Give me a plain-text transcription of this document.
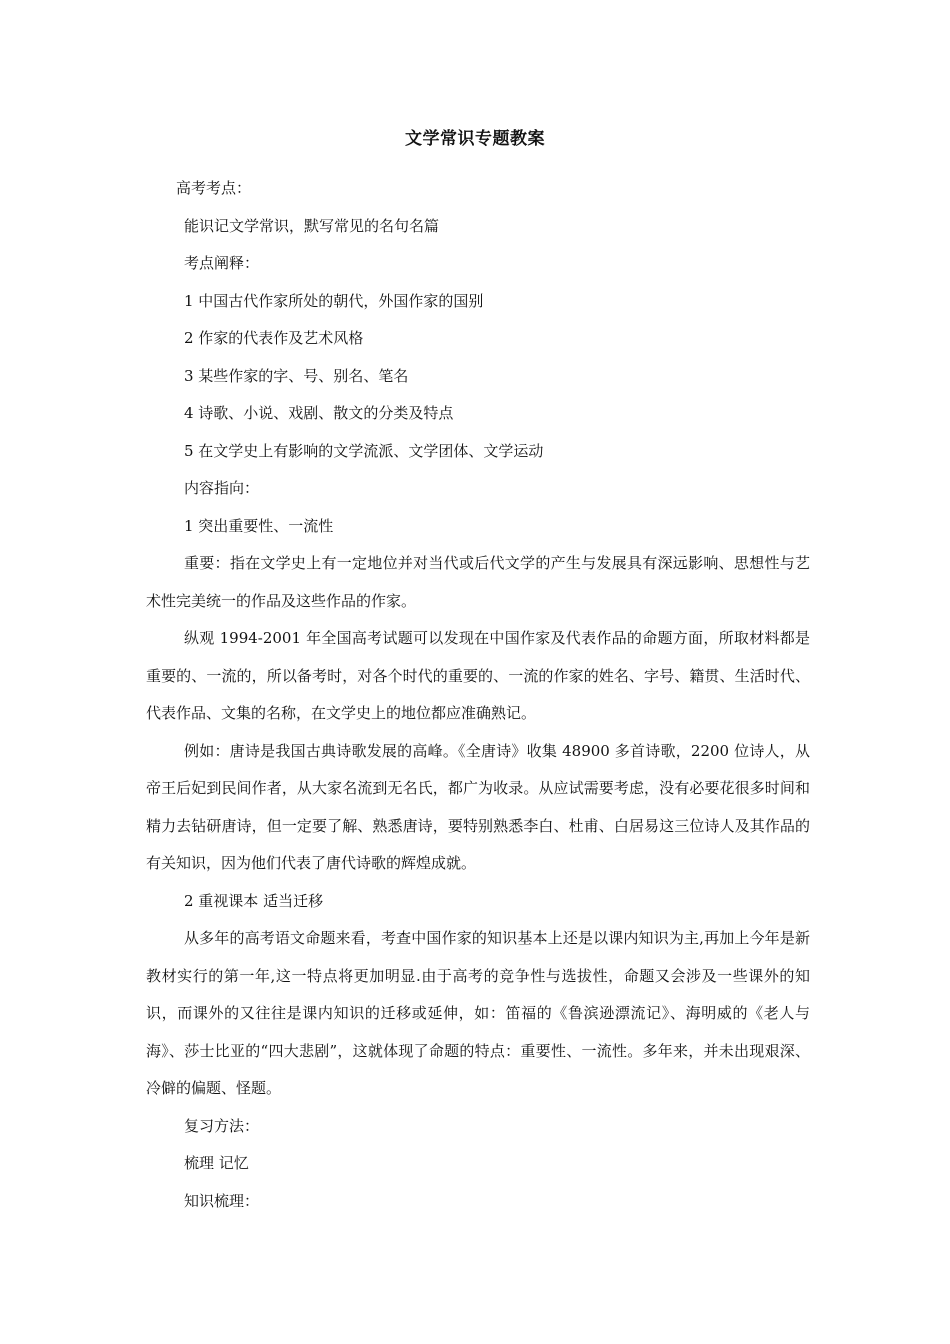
文学常识专题教案

高考考点：

能识记文学常识，默写常见的名句名篇

考点阐释：

1 中国古代作家所处的朝代，外国作家的国别

2 作家的代表作及艺术风格

3 某些作家的字、号、别名、笔名

4 诗歌、小说、戏剧、散文的分类及特点

5 在文学史上有影响的文学流派、文学团体、文学运动

内容指向：

1 突出重要性、一流性

重要：指在文学史上有一定地位并对当代或后代文学的产生与发展具有深远影响、思想性与艺术性完美统一的作品及这些作品的作家。

纵观 1994-2001 年全国高考试题可以发现在中国作家及代表作品的命题方面，所取材料都是重要的、一流的，所以备考时，对各个时代的重要的、一流的作家的姓名、字号、籍贯、生活时代、代表作品、文集的名称，在文学史上的地位都应准确熟记。

例如：唐诗是我国古典诗歌发展的高峰。《全唐诗》收集 48900 多首诗歌，2200 位诗人，从帝王后妃到民间作者，从大家名流到无名氏，都广为收录。从应试需要考虑，没有必要花很多时间和精力去钻研唐诗，但一定要了解、熟悉唐诗，要特别熟悉李白、杜甫、白居易这三位诗人及其作品的有关知识，因为他们代表了唐代诗歌的辉煌成就。

2 重视课本 适当迁移

从多年的高考语文命题来看，考查中国作家的知识基本上还是以课内知识为主,再加上今年是新教材实行的第一年,这一特点将更加明显.由于高考的竞争性与选拔性，命题又会涉及一些课外的知识，而课外的又往往是课内知识的迁移或延伸，如：笛福的《鲁滨逊漂流记》、海明威的《老人与海》、莎士比亚的“四大悲剧”，这就体现了命题的特点：重要性、一流性。多年来，并未出现艰深、冷僻的偏题、怪题。

复习方法：

梳理 记忆

知识梳理：
